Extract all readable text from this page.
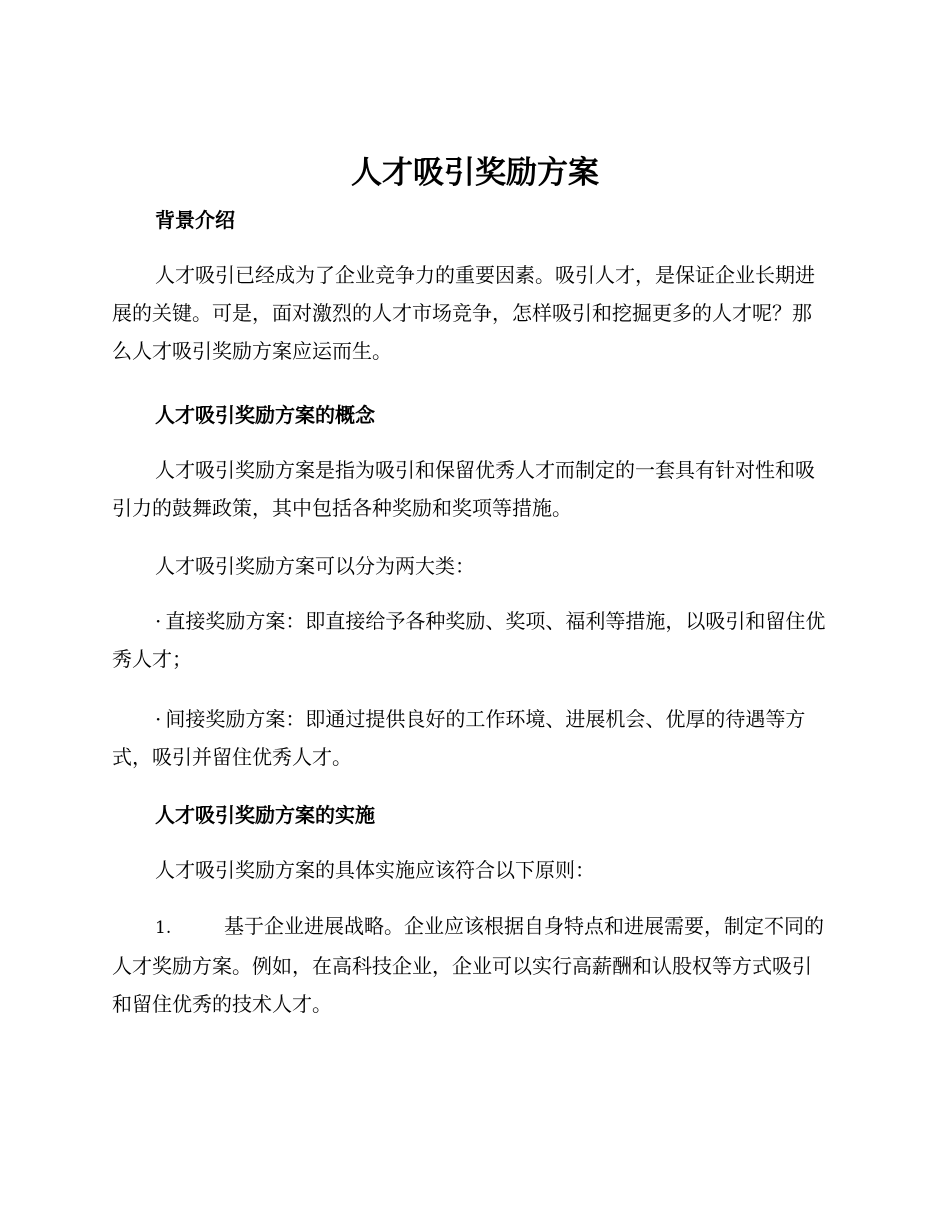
人才吸引奖励方案
背景介绍

人才吸引已经成为了企业竞争力的重要因素。吸引人才，是保证企业长期进展的关键。可是，面对激烈的人才市场竞争，怎样吸引和挖掘更多的人才呢？那么人才吸引奖励方案应运而生。

人才吸引奖励方案的概念

人才吸引奖励方案是指为吸引和保留优秀人才而制定的一套具有针对性和吸引力的鼓舞政策，其中包括各种奖励和奖项等措施。

人才吸引奖励方案可以分为两大类：

· 直接奖励方案：即直接给予各种奖励、奖项、福利等措施，以吸引和留住优秀人才；

· 间接奖励方案：即通过提供良好的工作环境、进展机会、优厚的待遇等方式，吸引并留住优秀人才。

人才吸引奖励方案的实施

人才吸引奖励方案的具体实施应该符合以下原则：

1.	基于企业进展战略。企业应该根据自身特点和进展需要，制定不同的人才奖励方案。例如，在高科技企业，企业可以实行高薪酬和认股权等方式吸引和留住优秀的技术人才。
